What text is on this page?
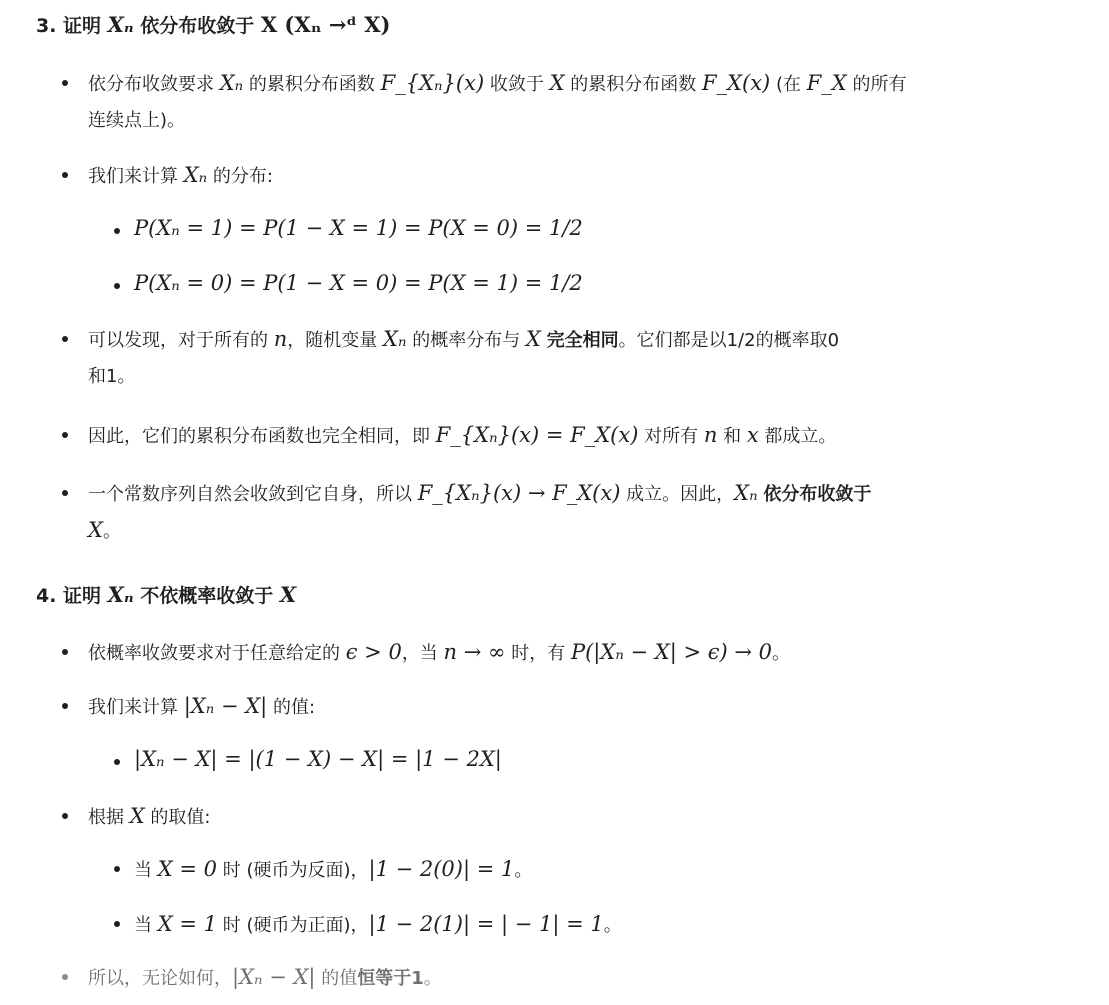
3. 证明 Xₙ 依分布收敛于 X (Xₙ →ᵈ X)

依分布收敛要求 Xₙ 的累积分布函数 F_{Xₙ}(x) 收敛于 X 的累积分布函数 F_X(x) (在 F_X 的所有

连续点上)。

我们来计算 Xₙ 的分布:

P(Xₙ = 1) = P(1 − X = 1) = P(X = 0) = 1/2

P(Xₙ = 0) = P(1 − X = 0) = P(X = 1) = 1/2

可以发现，对于所有的 n，随机变量 Xₙ 的概率分布与 X 完全相同。它们都是以1/2的概率取0

和1。

因此，它们的累积分布函数也完全相同，即 F_{Xₙ}(x) = F_X(x) 对所有 n 和 x 都成立。

一个常数序列自然会收敛到它自身，所以 F_{Xₙ}(x) → F_X(x) 成立。因此，Xₙ 依分布收敛于

X。

4. 证明 Xₙ 不依概率收敛于 X

依概率收敛要求对于任意给定的 ϵ > 0，当 n → ∞ 时，有 P(|Xₙ − X| > ϵ) → 0。

我们来计算 |Xₙ − X| 的值:

|Xₙ − X| = |(1 − X) − X| = |1 − 2X|

根据 X 的取值:

当 X = 0 时 (硬币为反面)，|1 − 2(0)| = 1。

当 X = 1 时 (硬币为正面)，|1 − 2(1)| = | − 1| = 1。

所以，无论如何，|Xₙ − X| 的值恒等于1。
